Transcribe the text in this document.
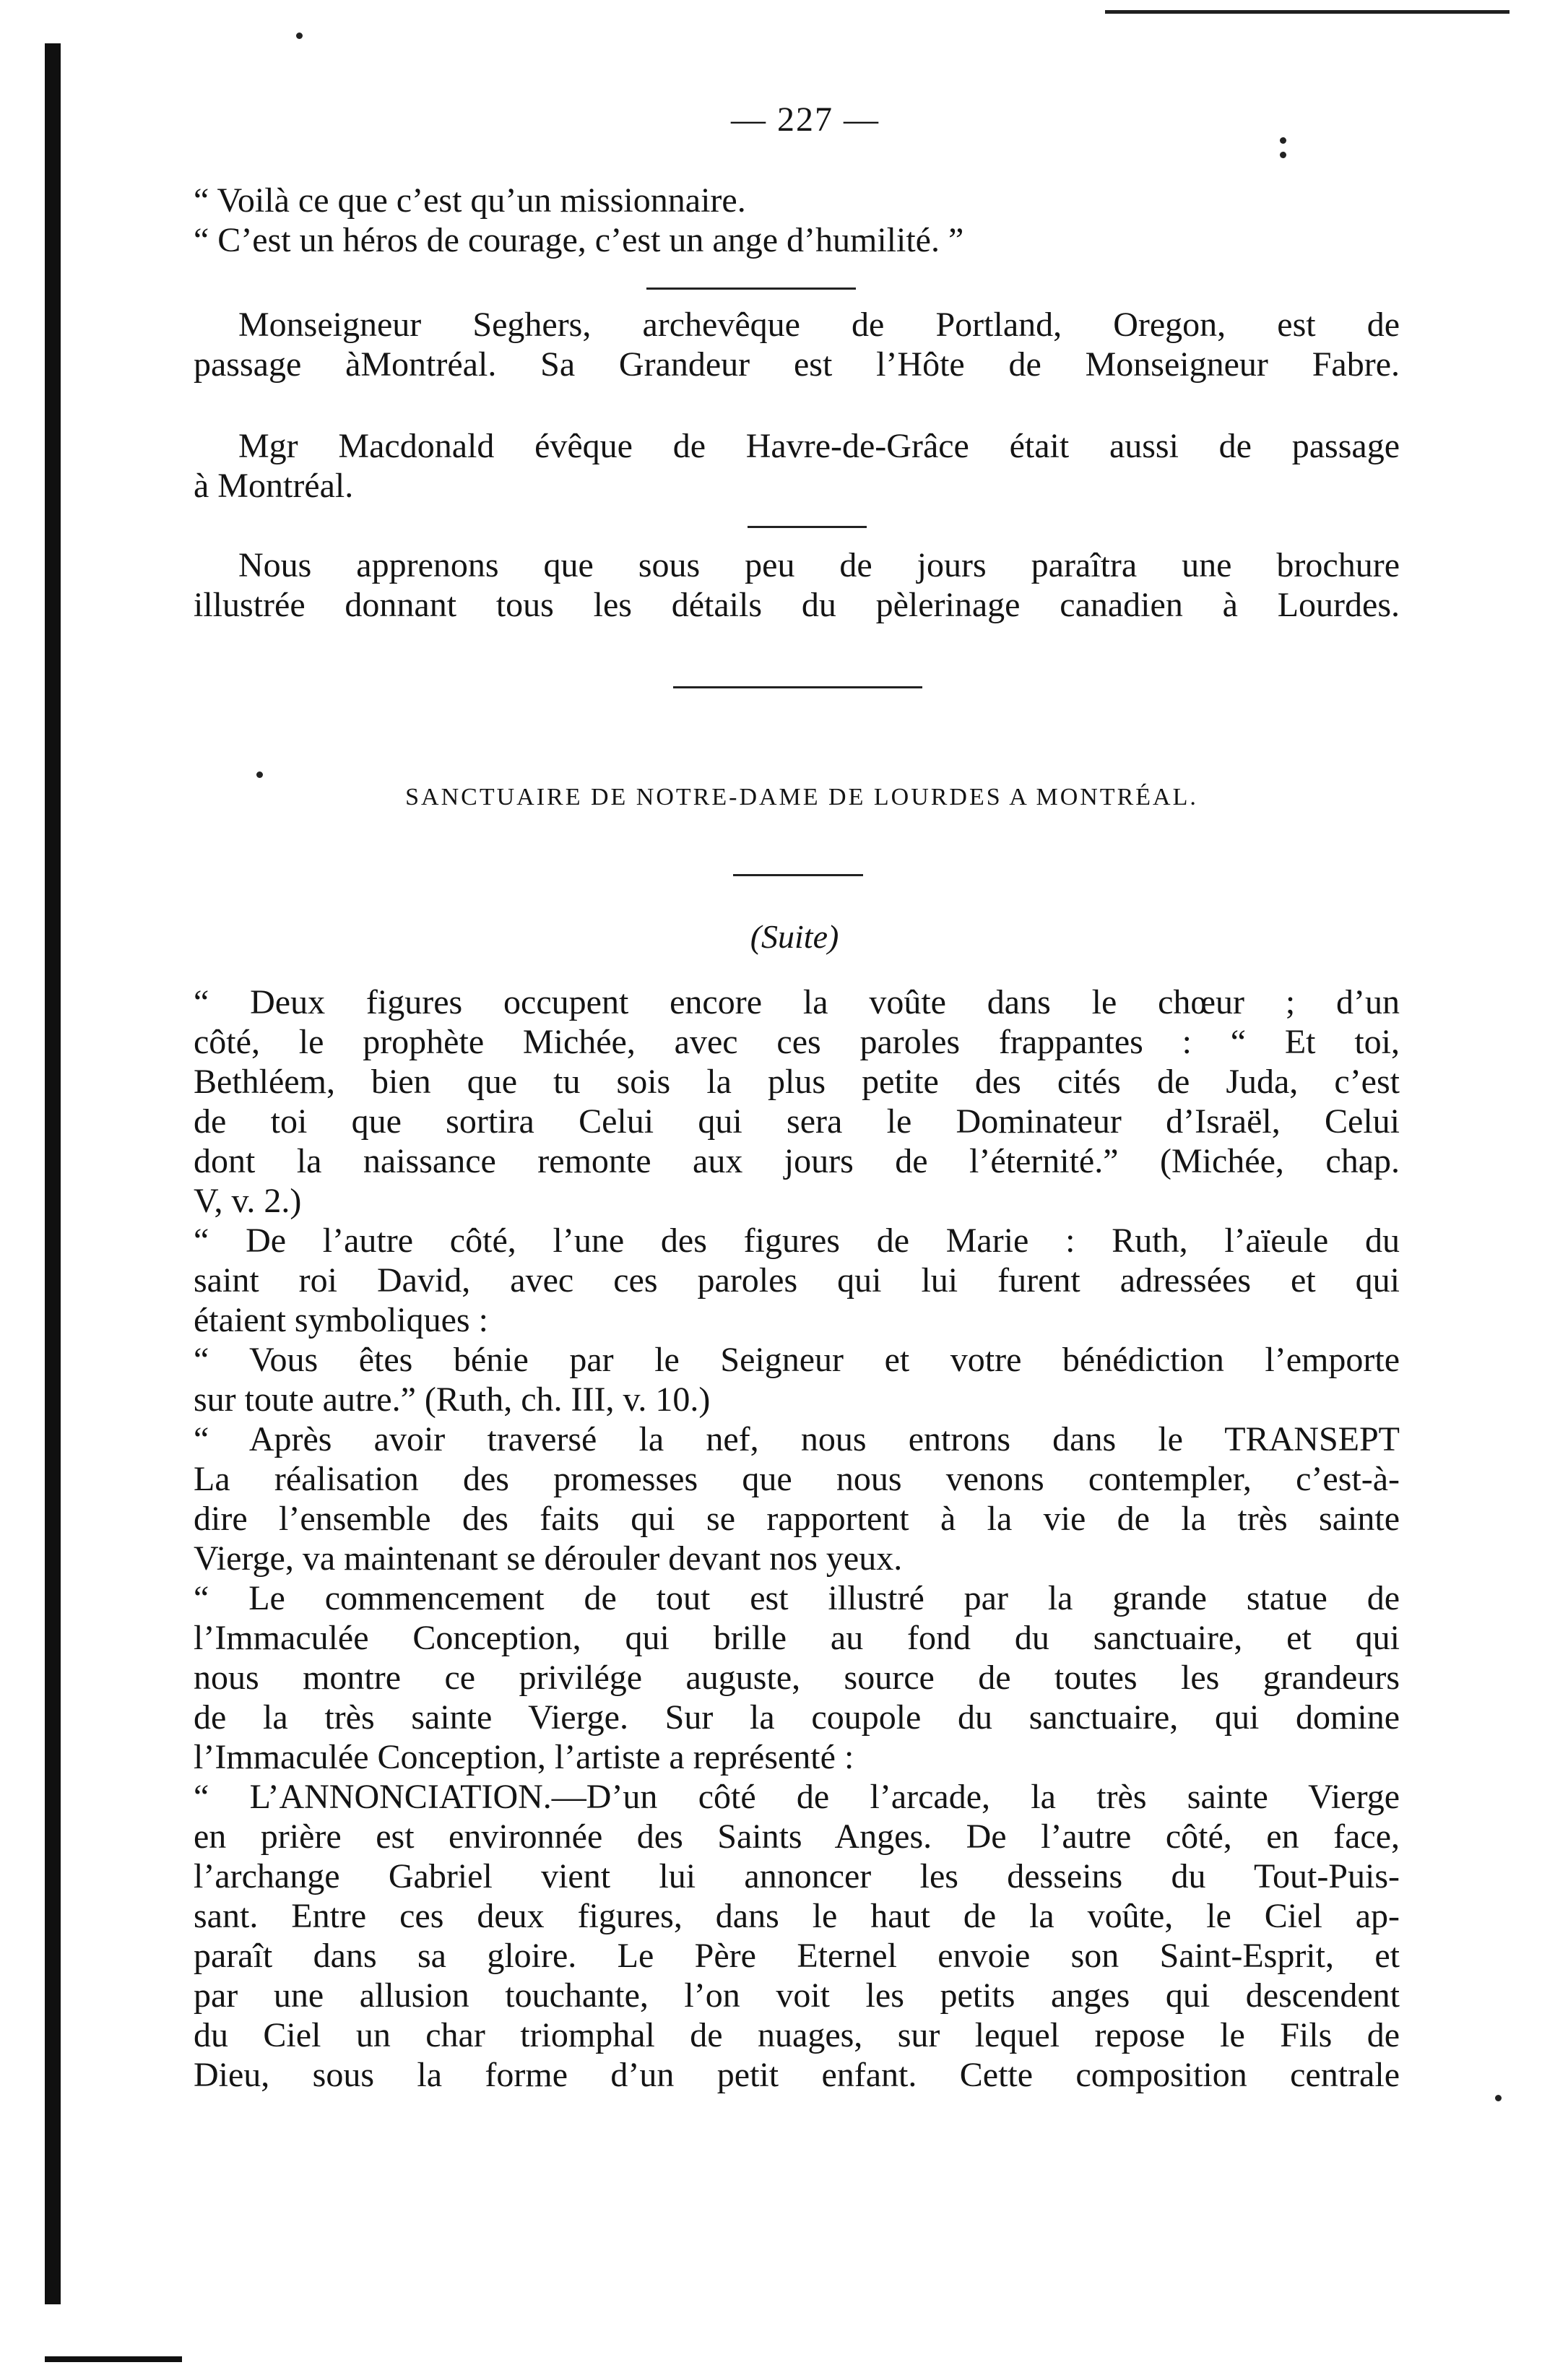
— 227 —
“ Voilà ce que c’est qu’un missionnaire.
“ C’est un héros de courage, c’est un ange d’humilité. ”
Monseigneur Seghers, archevêque de Portland, Oregon, est de
passage àMontréal. Sa Grandeur est l’Hôte de Monseigneur Fabre.
Mgr Macdonald évêque de Havre-de-Grâce était aussi de passage
à Montréal.
Nous apprenons que sous peu de jours paraîtra une brochure
illustrée donnant tous les détails du pèlerinage canadien à Lourdes.
SANCTUAIRE DE NOTRE-DAME DE LOURDES A MONTRÉAL.
(Suite)
“ Deux figures occupent encore la voûte dans le chœur ; d’un
côté, le prophète Michée, avec ces paroles frappantes : “ Et toi,
Bethléem, bien que tu sois la plus petite des cités de Juda, c’est
de toi que sortira Celui qui sera le Dominateur d’Israël, Celui
dont la naissance remonte aux jours de l’éternité.” (Michée, chap.
V, v. 2.)
“ De l’autre côté, l’une des figures de Marie : Ruth, l’aïeule du
saint roi David, avec ces paroles qui lui furent adressées et qui
étaient symboliques :
“ Vous êtes bénie par le Seigneur et votre bénédiction l’emporte
sur toute autre.” (Ruth, ch. III, v. 10.)
“ Après avoir traversé la nef, nous entrons dans le TRANSEPT
La réalisation des promesses que nous venons contempler, c’est-à-
dire l’ensemble des faits qui se rapportent à la vie de la très sainte
Vierge, va maintenant se dérouler devant nos yeux.
“ Le commencement de tout est illustré par la grande statue de
l’Immaculée Conception, qui brille au fond du sanctuaire, et qui
nous montre ce privilége auguste, source de toutes les grandeurs
de la très sainte Vierge. Sur la coupole du sanctuaire, qui domine
l’Immaculée Conception, l’artiste a représenté :
“ L’ANNONCIATION.—D’un côté de l’arcade, la très sainte Vierge
en prière est environnée des Saints Anges. De l’autre côté, en face,
l’archange Gabriel vient lui annoncer les desseins du Tout-Puis-
sant. Entre ces deux figures, dans le haut de la voûte, le Ciel ap-
paraît dans sa gloire. Le Père Eternel envoie son Saint-Esprit, et
par une allusion touchante, l’on voit les petits anges qui descendent
du Ciel un char triomphal de nuages, sur lequel repose le Fils de
Dieu, sous la forme d’un petit enfant. Cette composition centrale
